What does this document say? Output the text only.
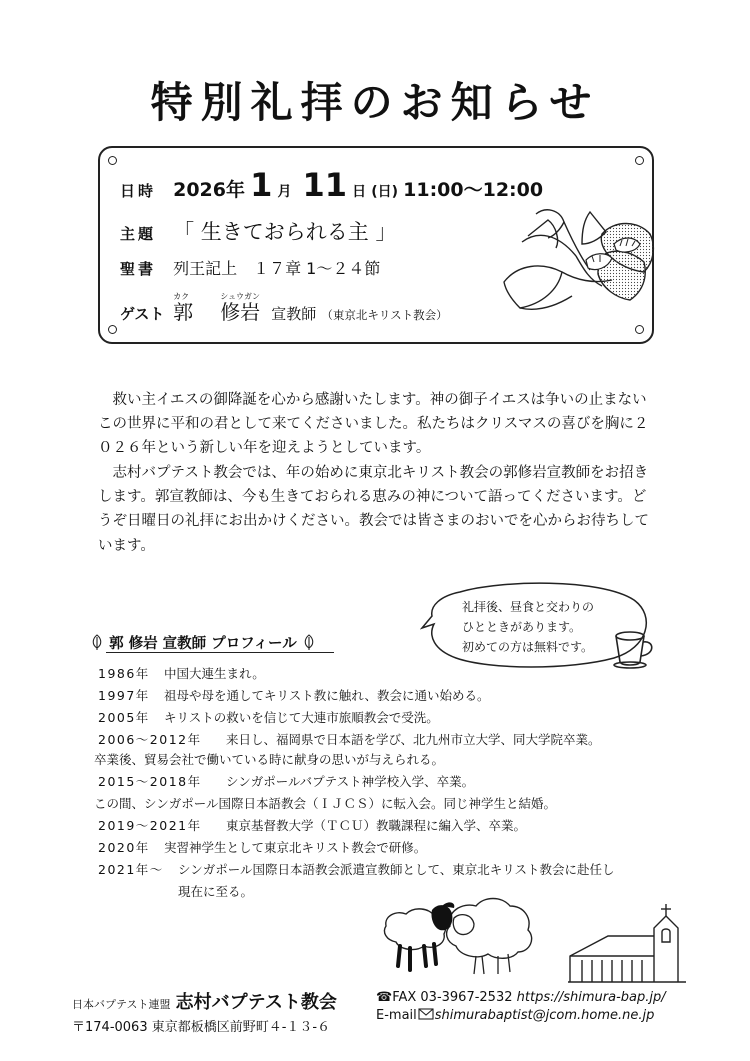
特別礼拝のお知らせ
日時 2026年 1 月 11 日 (日) 11:00～12:00
主題 「 生きておられる主 」
聖書 列王記上　１７章 1～２４節
カク	シュウガン
ゲスト 郭 修岩 宣教師 （東京北キリスト教会）

救い主イエスの御降誕を心から感謝いたします。神の御子イエスは争いの止まないこの世界に平和の君として来てくださいました。私たちはクリスマスの喜びを胸に２０２６年という新しい年を迎えようとしています。

志村バプテスト教会では、年の始めに東京北キリスト教会の郭修岩宣教師をお招きします。郭宣教師は、今も生きておられる恵みの神について語ってくださいます。どうぞ日曜日の礼拝にお出かけください。教会では皆さまのおいでを心からお待ちしています。

礼拝後、昼食と交わりの
ひとときがあります。
初めての方は無料です。
郭 修岩 宣教師 プロフィール
1986年 中国大連生まれ。
1997年 祖母や母を通してキリスト教に触れ、教会に通い始める。
2005年 キリストの救いを信じて大連市旅順教会で受洗。
2006～2012年 来日し、福岡県で日本語を学び、北九州市立大学、同大学院卒業。
卒業後、貿易会社で働いている時に献身の思いが与えられる。
2015～2018年 シンガポールバプテスト神学校入学、卒業。
この間、シンガポール国際日本語教会（ＩＪＣＳ）に転入会。同じ神学生と結婚。
2019～2021年 東京基督教大学（ＴＣＵ）教職課程に編入学、卒業。
2020年 実習神学生として東京北キリスト教会で研修。
2021年～ シンガポール国際日本語教会派遣宣教師として、東京北キリスト教会に赴任し
現在に至る。
日本バプテスト連盟 志村バプテスト教会
〒174‐0063 東京都板橋区前野町４‐１３‐６
☎FAX 03-3967-2532 https://shimura-bap.jp/
E-mail shimurabaptist@jcom.home.ne.jp
